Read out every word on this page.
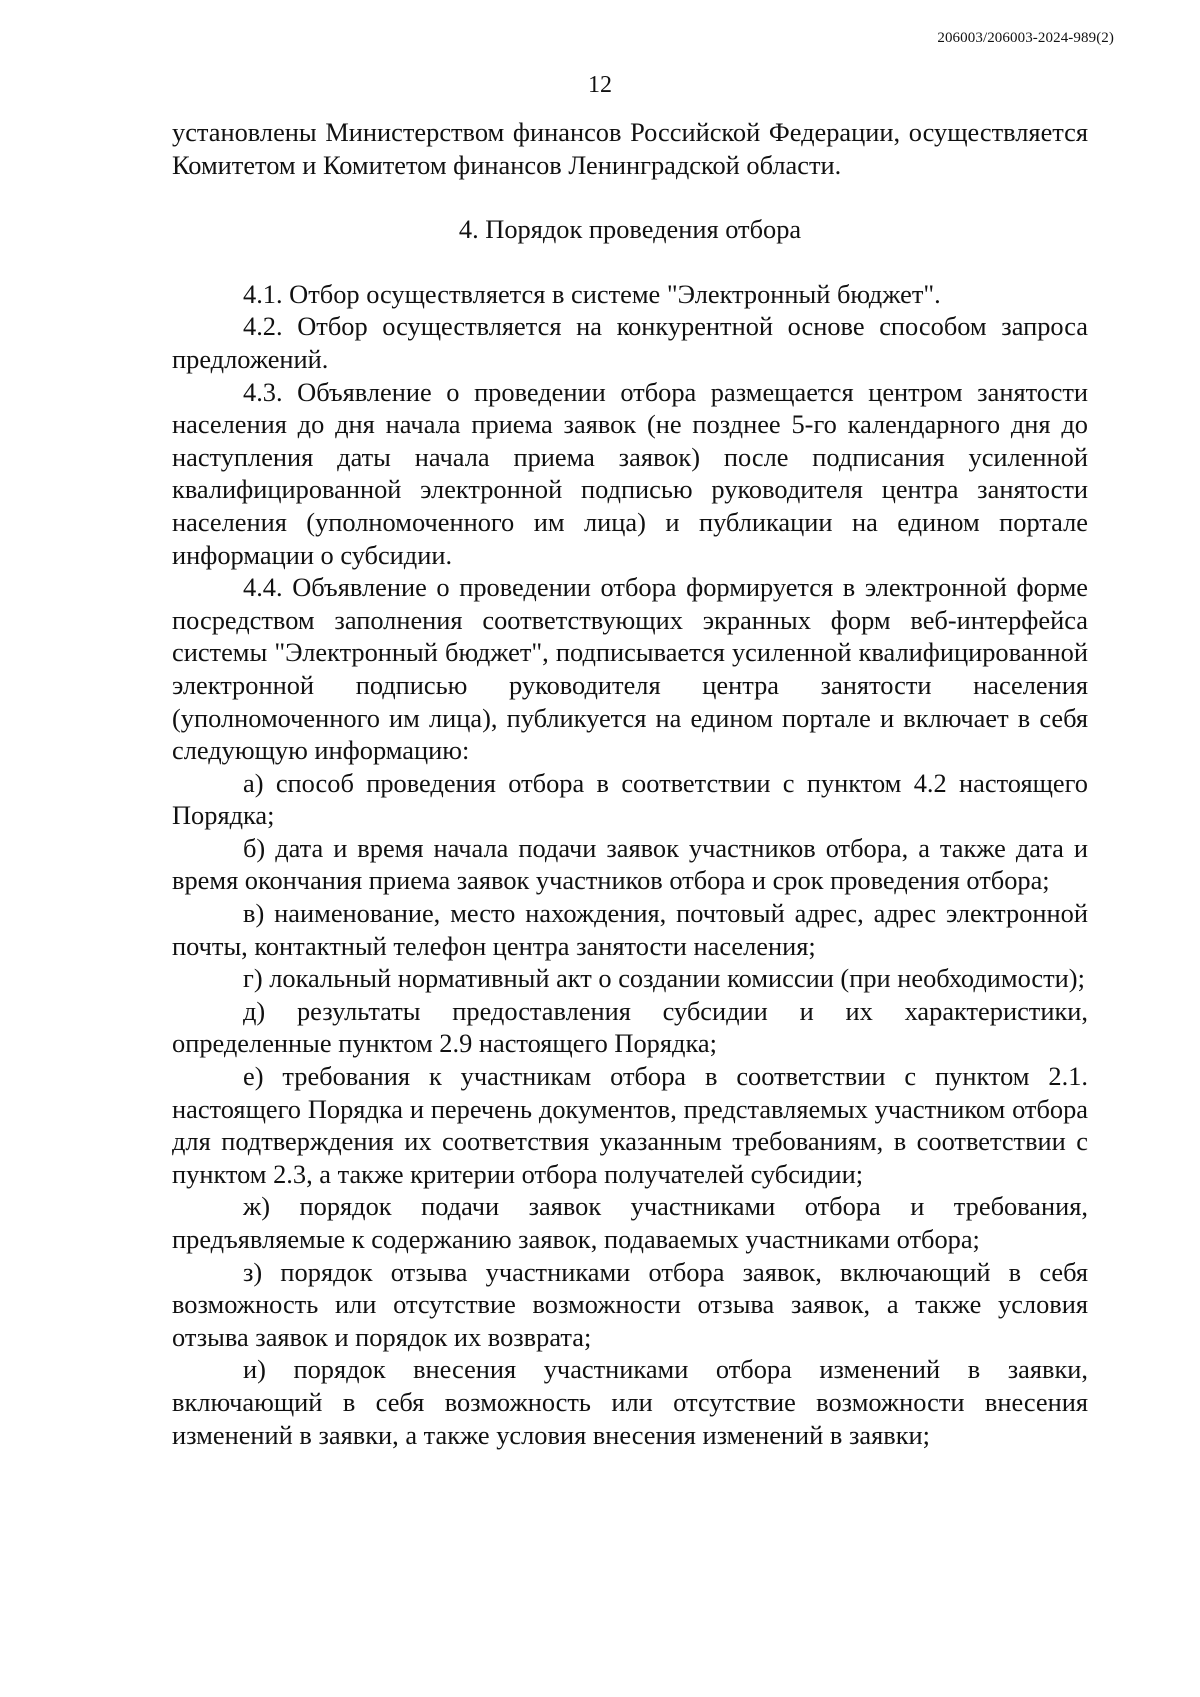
206003/206003-2024-989(2)
12

установлены Министерством финансов Российской Федерации, осуществляется Комитетом и Комитетом финансов Ленинградской области.

4. Порядок проведения отбора

4.1. Отбор осуществляется в системе "Электронный бюджет".

4.2. Отбор осуществляется на конкурентной основе способом запроса предложений.

4.3. Объявление о проведении отбора размещается центром занятости населения до дня начала приема заявок (не позднее 5-го календарного дня до наступления даты начала приема заявок) после подписания усиленной квалифицированной электронной подписью руководителя центра занятости населения (уполномоченного им лица) и публикации на едином портале информации о субсидии.

4.4. Объявление о проведении отбора формируется в электронной форме посредством заполнения соответствующих экранных форм веб-интерфейса системы "Электронный бюджет", подписывается усиленной квалифицированной электронной подписью руководителя центра занятости населения (уполномоченного им лица), публикуется на едином портале и включает в себя следующую информацию:

а) способ проведения отбора в соответствии с пунктом 4.2 настоящего Порядка;

б) дата и время начала подачи заявок участников отбора, а также дата и время окончания приема заявок участников отбора и срок проведения отбора;

в) наименование, место нахождения, почтовый адрес, адрес электронной почты, контактный телефон центра занятости населения;

г) локальный нормативный акт о создании комиссии (при необходимости);

д) результаты предоставления субсидии и их характеристики, определенные пунктом 2.9 настоящего Порядка;

е) требования к участникам отбора в соответствии с пунктом 2.1. настоящего Порядка и перечень документов, представляемых участником отбора для подтверждения их соответствия указанным требованиям, в соответствии с пунктом 2.3, а также критерии отбора получателей субсидии;

ж) порядок подачи заявок участниками отбора и требования, предъявляемые к содержанию заявок, подаваемых участниками отбора;

з) порядок отзыва участниками отбора заявок, включающий в себя возможность или отсутствие возможности отзыва заявок, а также условия отзыва заявок и порядок их возврата;

и) порядок внесения участниками отбора изменений в заявки, включающий в себя возможность или отсутствие возможности внесения изменений в заявки, а также условия внесения изменений в заявки;
